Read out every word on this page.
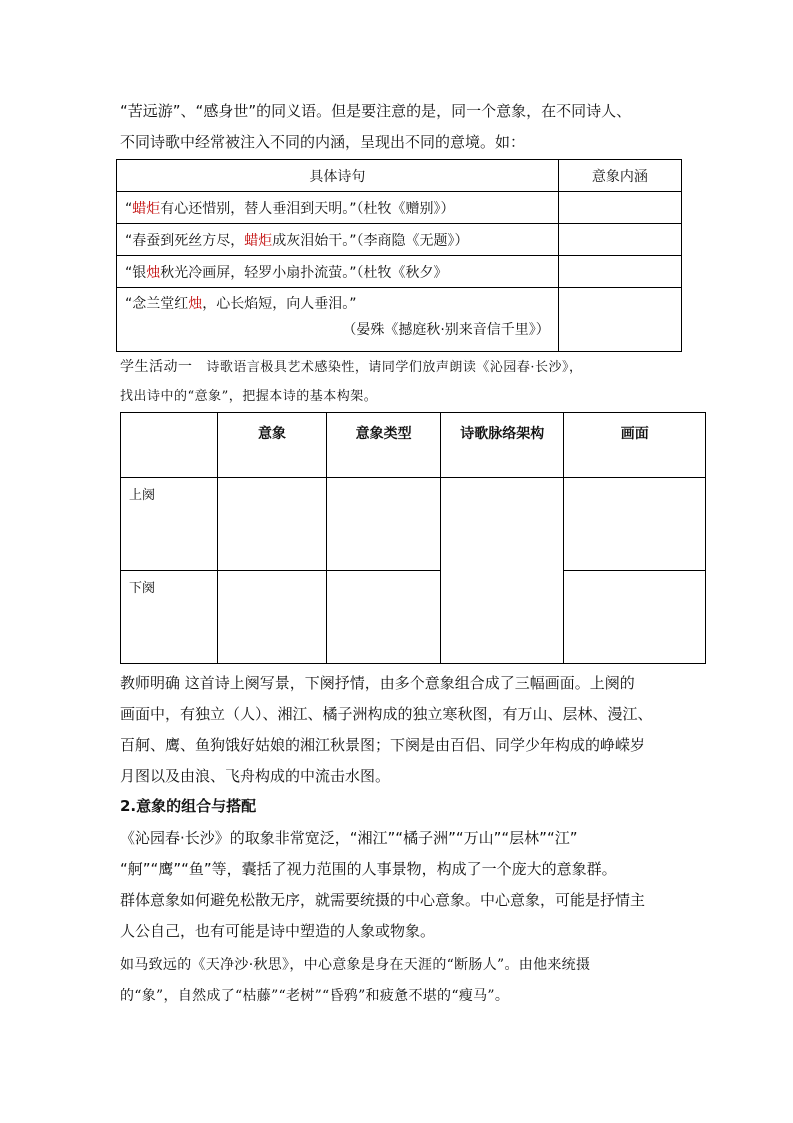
“苦远游”、“感身世”的同义语。但是要注意的是，同一个意象，在不同诗人、

不同诗歌中经常被注入不同的内涵，呈现出不同的意境。如：

具体诗句	意象内涵
“蜡炬有心还惜别，替人垂泪到天明。”（杜牧《赠别》）	
“春蚕到死丝方尽，蜡炬成灰泪始干。”（李商隐《无题》）	
“银烛秋光冷画屏，轻罗小扇扑流萤。”（杜牧《秋夕》	
“念兰堂红烛，心长焰短，向人垂泪。”
（晏殊《撼庭秋·别来音信千里》）	

学生活动一 诗歌语言极具艺术感染性，请同学们放声朗读《沁园春·长沙》，
找出诗中的“意象”，把握本诗的基本构架。
	意象	意象类型	诗歌脉络架构	画面
上阕				
下阕				
教师明确 这首诗上阕写景，下阕抒情，由多个意象组合成了三幅画面。上阕的
画面中，有独立（人）、湘江、橘子洲构成的独立寒秋图，有万山、层林、漫江、
百舸、鹰、鱼狗饿好姑娘的湘江秋景图；下阕是由百侣、同学少年构成的峥嵘岁
月图以及由浪、飞舟构成的中流击水图。
2.意象的组合与搭配
《沁园春·长沙》的取象非常宽泛，“湘江”“橘子洲”“万山”“层林”“江”
“舸”“鹰”“鱼”等，囊括了视力范围的人事景物，构成了一个庞大的意象群。
群体意象如何避免松散无序，就需要统摄的中心意象。中心意象，可能是抒情主
人公自己，也有可能是诗中塑造的人象或物象。
如马致远的《天净沙·秋思》，中心意象是身在天涯的“断肠人”。由他来统摄
的“象”，自然成了“枯藤”“老树”“昏鸦”和疲惫不堪的“瘦马”。
